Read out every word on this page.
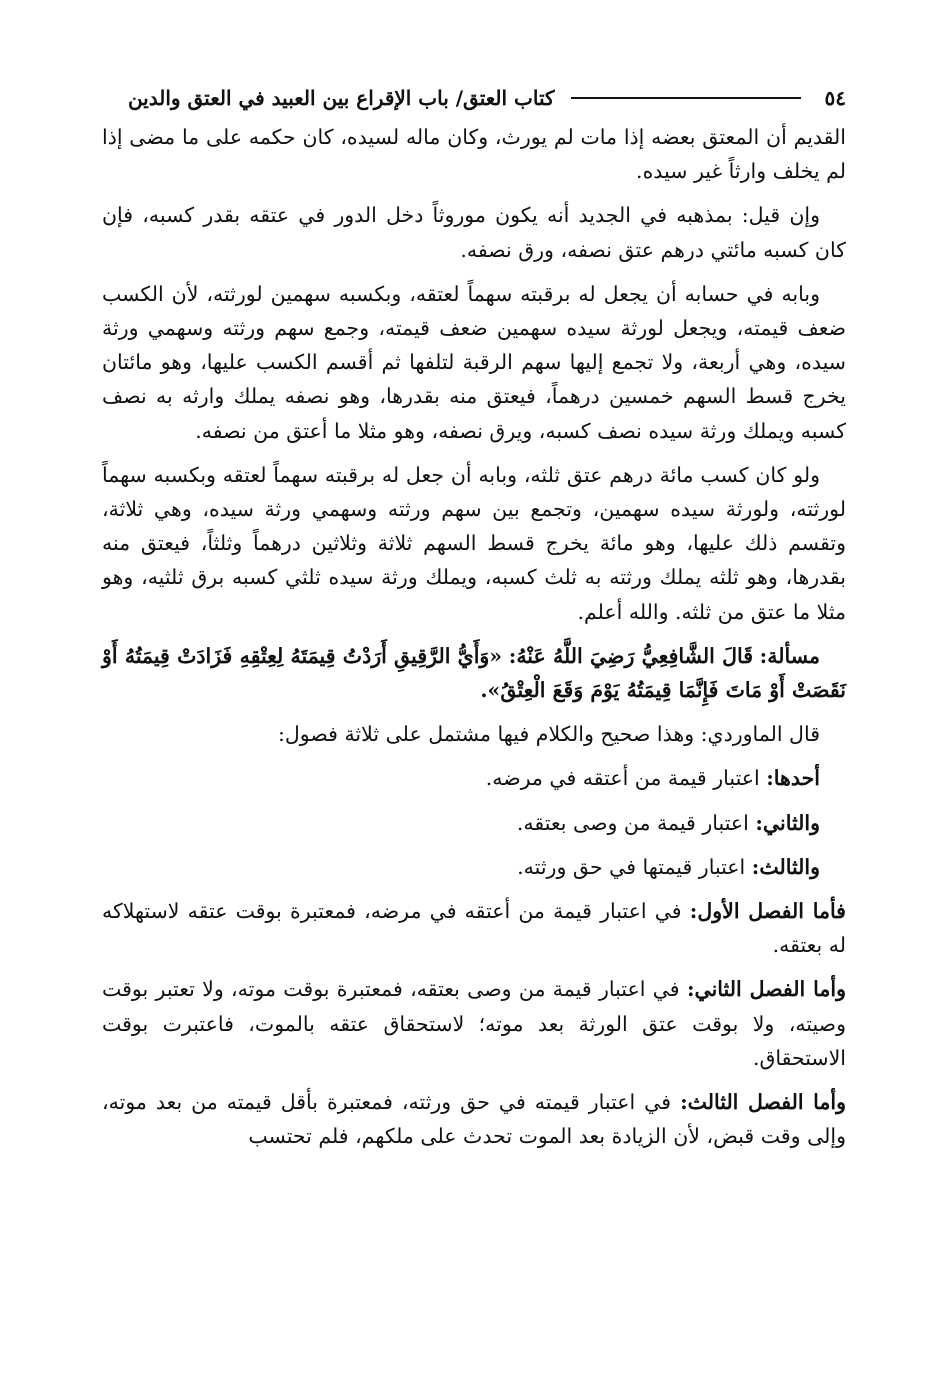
٥٤
كتاب العتق/ باب الإقراع بين العبيد في العتق والدين

القديم أن المعتق بعضه إذا مات لم يورث، وكان ماله لسيده، كان حكمه على ما مضى إذا لم يخلف وارثاً غير سيده.

وإن قيل: بمذهبه في الجديد أنه يكون موروثاً دخل الدور في عتقه بقدر كسبه، فإن كان كسبه مائتي درهم عتق نصفه، ورق نصفه.

وبابه في حسابه أن يجعل له برقبته سهماً لعتقه، وبكسبه سهمين لورثته، لأن الكسب ضعف قيمته، ويجعل لورثة سيده سهمين ضعف قيمته، وجمع سهم ورثته وسهمي ورثة سيده، وهي أربعة، ولا تجمع إليها سهم الرقبة لتلفها ثم أقسم الكسب عليها، وهو مائتان يخرج قسط السهم خمسين درهماً، فيعتق منه بقدرها، وهو نصفه يملك وارثه به نصف كسبه ويملك ورثة سيده نصف كسبه، ويرق نصفه، وهو مثلا ما أعتق من نصفه.

ولو كان كسب مائة درهم عتق ثلثه، وبابه أن جعل له برقبته سهماً لعتقه وبكسبه سهماً لورثته، ولورثة سيده سهمين، وتجمع بين سهم ورثته وسهمي ورثة سيده، وهي ثلاثة، وتقسم ذلك عليها، وهو مائة يخرج قسط السهم ثلاثة وثلاثين درهماً وثلثاً، فيعتق منه بقدرها، وهو ثلثه يملك ورثته به ثلث كسبه، ويملك ورثة سيده ثلثي كسبه برق ثلثيه، وهو مثلا ما عتق من ثلثه. والله أعلم.

مسألة: قَالَ الشَّافِعِيُّ رَضِيَ اللَّهُ عَنْهُ: «وَأَيُّ الرَّقِيقِ أَرَدْتُ قِيمَتَهُ لِعِتْقِهِ فَزَادَتْ قِيمَتُهُ أَوْ نَقَصَتْ أَوْ مَاتَ فَإِنَّمَا قِيمَتُهُ يَوْمَ وَقَعَ الْعِتْقُ».

قال الماوردي: وهذا صحيح والكلام فيها مشتمل على ثلاثة فصول:

أحدها: اعتبار قيمة من أعتقه في مرضه.

والثاني: اعتبار قيمة من وصى بعتقه.

والثالث: اعتبار قيمتها في حق ورثته.

فأما الفصل الأول: في اعتبار قيمة من أعتقه في مرضه، فمعتبرة بوقت عتقه لاستهلاكه له بعتقه.

وأما الفصل الثاني: في اعتبار قيمة من وصى بعتقه، فمعتبرة بوقت موته، ولا تعتبر بوقت وصيته، ولا بوقت عتق الورثة بعد موته؛ لاستحقاق عتقه بالموت، فاعتبرت بوقت الاستحقاق.

وأما الفصل الثالث: في اعتبار قيمته في حق ورثته، فمعتبرة بأقل قيمته من بعد موته، وإلى وقت قبض، لأن الزيادة بعد الموت تحدث على ملكهم، فلم تحتسب
